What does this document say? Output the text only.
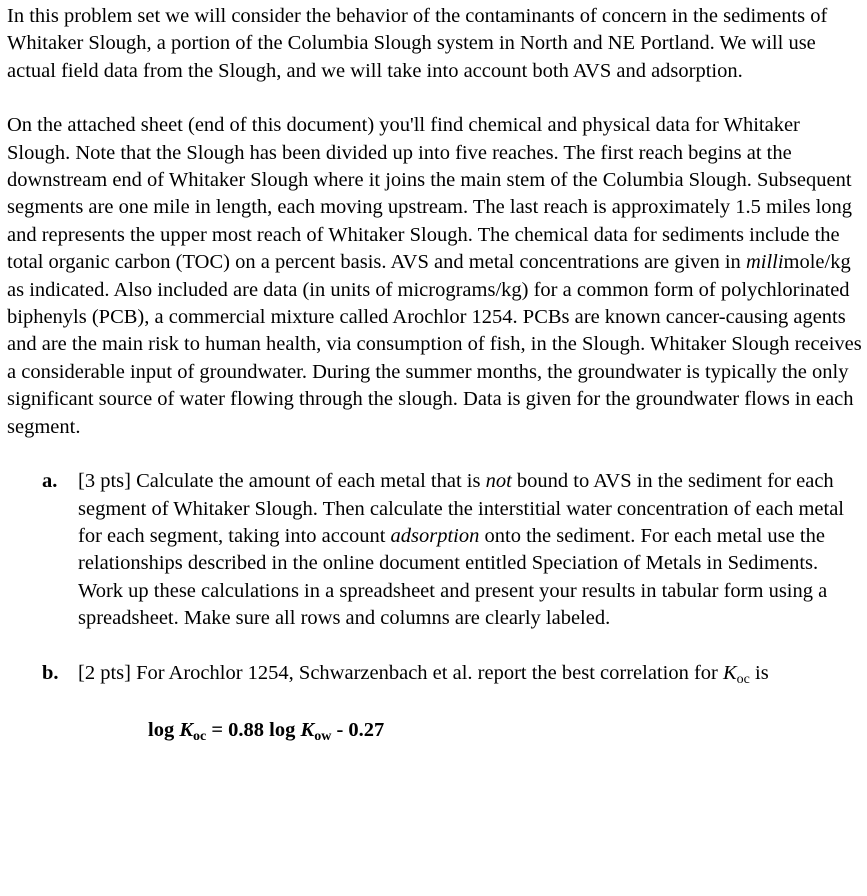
In this problem set we will consider the behavior of the contaminants of concern in the sediments of Whitaker Slough, a portion of the Columbia Slough system in North and NE Portland. We will use actual field data from the Slough, and we will take into account both AVS and adsorption.

On the attached sheet (end of this document) you'll find chemical and physical data for Whitaker Slough. Note that the Slough has been divided up into five reaches. The first reach begins at the downstream end of Whitaker Slough where it joins the main stem of the Columbia Slough. Subsequent segments are one mile in length, each moving upstream. The last reach is approximately 1.5 miles long and represents the upper most reach of Whitaker Slough. The chemical data for sediments include the total organic carbon (TOC) on a percent basis. AVS and metal concentrations are given in millimole/kg as indicated. Also included are data (in units of micrograms/kg) for a common form of polychlorinated biphenyls (PCB), a commercial mixture called Arochlor 1254. PCBs are known cancer-causing agents and are the main risk to human health, via consumption of fish, in the Slough. Whitaker Slough receives a considerable input of groundwater. During the summer months, the groundwater is typically the only significant source of water flowing through the slough. Data is given for the groundwater flows in each segment.

a. [3 pts] Calculate the amount of each metal that is not bound to AVS in the sediment for each segment of Whitaker Slough. Then calculate the interstitial water concentration of each metal for each segment, taking into account adsorption onto the sediment. For each metal use the relationships described in the online document entitled Speciation of Metals in Sediments. Work up these calculations in a spreadsheet and present your results in tabular form using a spreadsheet. Make sure all rows and columns are clearly labeled.

b. [2 pts] For Arochlor 1254, Schwarzenbach et al. report the best correlation for Koc is

log Koc = 0.88 log Kow - 0.27
